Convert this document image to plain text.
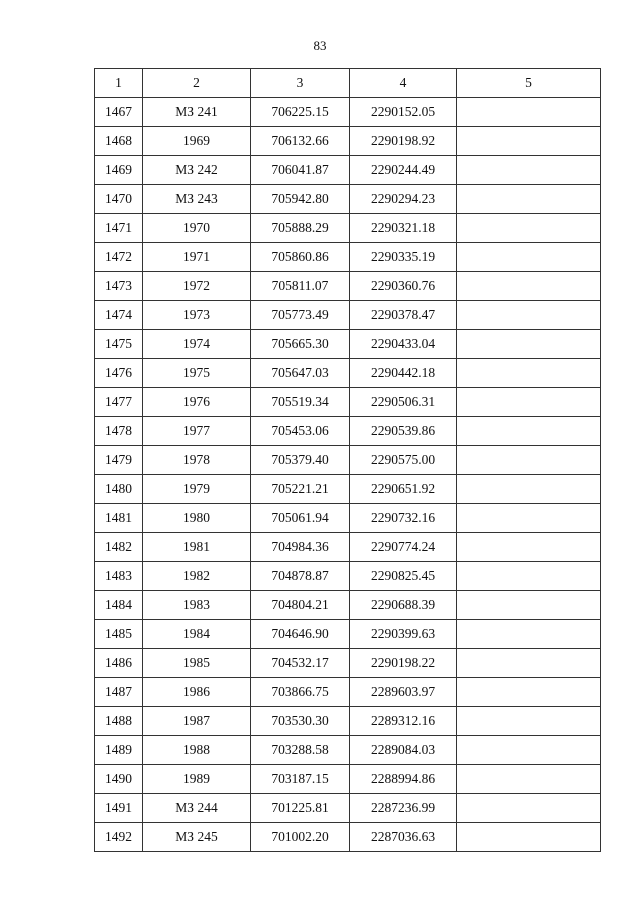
83
1	2	3	4	5
1467	МЗ 241	706225.15	2290152.05	
1468	1969	706132.66	2290198.92	
1469	МЗ 242	706041.87	2290244.49	
1470	МЗ 243	705942.80	2290294.23	
1471	1970	705888.29	2290321.18	
1472	1971	705860.86	2290335.19	
1473	1972	705811.07	2290360.76	
1474	1973	705773.49	2290378.47	
1475	1974	705665.30	2290433.04	
1476	1975	705647.03	2290442.18	
1477	1976	705519.34	2290506.31	
1478	1977	705453.06	2290539.86	
1479	1978	705379.40	2290575.00	
1480	1979	705221.21	2290651.92	
1481	1980	705061.94	2290732.16	
1482	1981	704984.36	2290774.24	
1483	1982	704878.87	2290825.45	
1484	1983	704804.21	2290688.39	
1485	1984	704646.90	2290399.63	
1486	1985	704532.17	2290198.22	
1487	1986	703866.75	2289603.97	
1488	1987	703530.30	2289312.16	
1489	1988	703288.58	2289084.03	
1490	1989	703187.15	2288994.86	
1491	МЗ 244	701225.81	2287236.99	
1492	МЗ 245	701002.20	2287036.63	
